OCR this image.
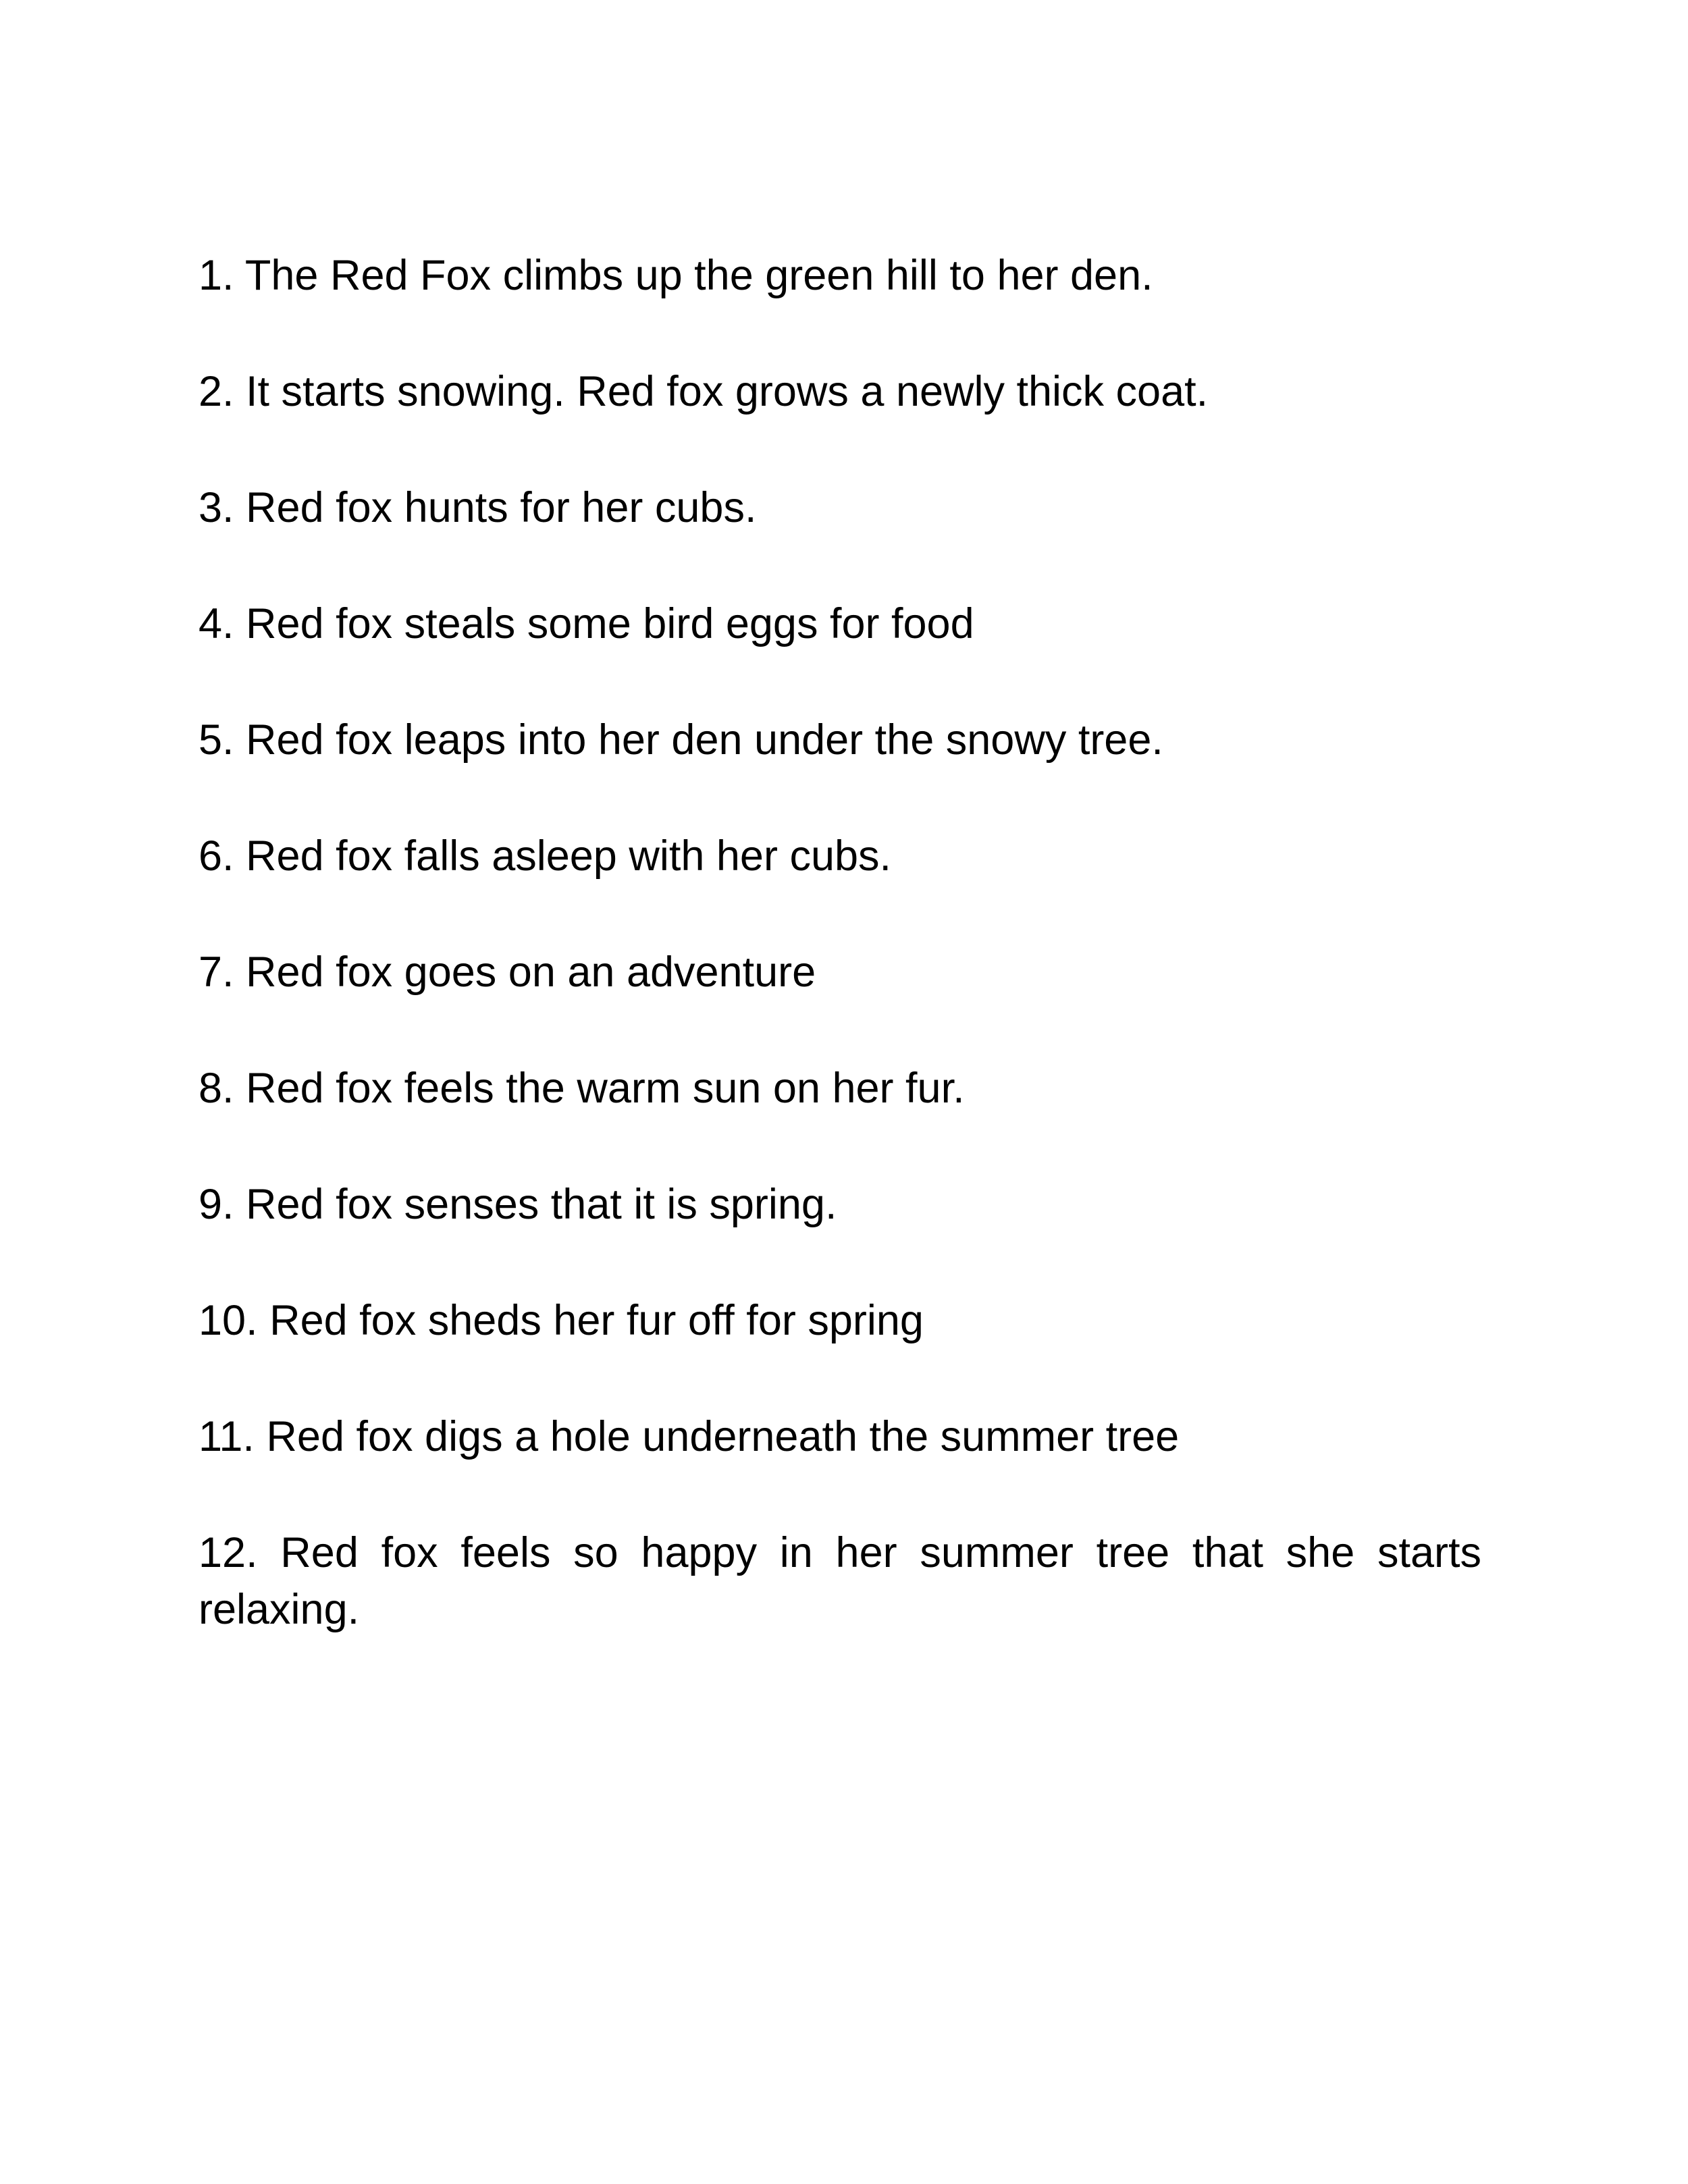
1. The Red Fox climbs up the green hill to her den.

2. It starts snowing. Red fox grows a newly thick coat.

3. Red fox hunts for her cubs.

4. Red fox steals some bird eggs for food

5. Red fox leaps into her den under the snowy tree.

6. Red fox falls asleep with her cubs.

7. Red fox goes on an adventure

8. Red fox feels the warm sun on her fur.

9. Red fox senses that it is spring.

10. Red fox sheds her fur off for spring

11. Red fox digs a hole underneath the summer tree

12. Red fox feels so happy in her summer tree that she starts relaxing.
